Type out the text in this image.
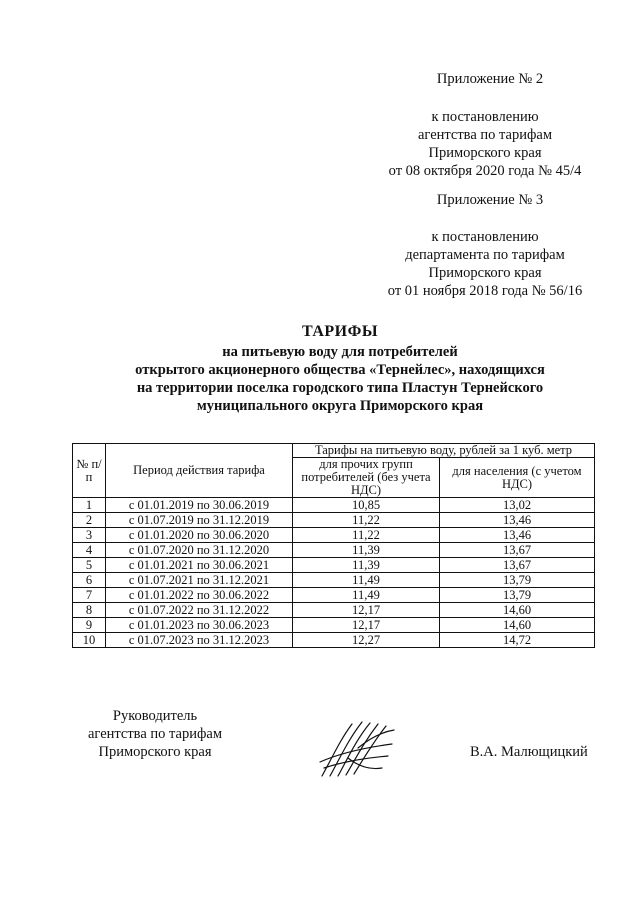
Приложение № 2
к постановлению
агентства по тарифам
Приморского края
от 08 октября 2020 года № 45/4
Приложение № 3
к постановлению
департамента по тарифам
Приморского края
от 01 ноября 2018 года № 56/16
ТАРИФЫ
на питьевую воду для потребителей
открытого акционерного общества «Тернейлес», находящихся
на территории поселка городского типа Пластун Тернейского
муниципального округа Приморского края
№ п/п	Период действия тарифа	Тарифы на питьевую воду, рублей за 1 куб. метр	
		для прочих групп потребителей (без учета НДС)	для населения (с учетом НДС)
1	с 01.01.2019 по 30.06.2019	10,85	13,02
2	с 01.07.2019 по 31.12.2019	11,22	13,46
3	с 01.01.2020 по 30.06.2020	11,22	13,46
4	с 01.07.2020 по 31.12.2020	11,39	13,67
5	с 01.01.2021 по 30.06.2021	11,39	13,67
6	с 01.07.2021 по 31.12.2021	11,49	13,79
7	с 01.01.2022 по 30.06.2022	11,49	13,79
8	с 01.07.2022 по 31.12.2022	12,17	14,60
9	с 01.01.2023 по 30.06.2023	12,17	14,60
10	с 01.07.2023 по 31.12.2023	12,27	14,72
Руководитель
агентства по тарифам
Приморского края	В.А. Малющицкий
